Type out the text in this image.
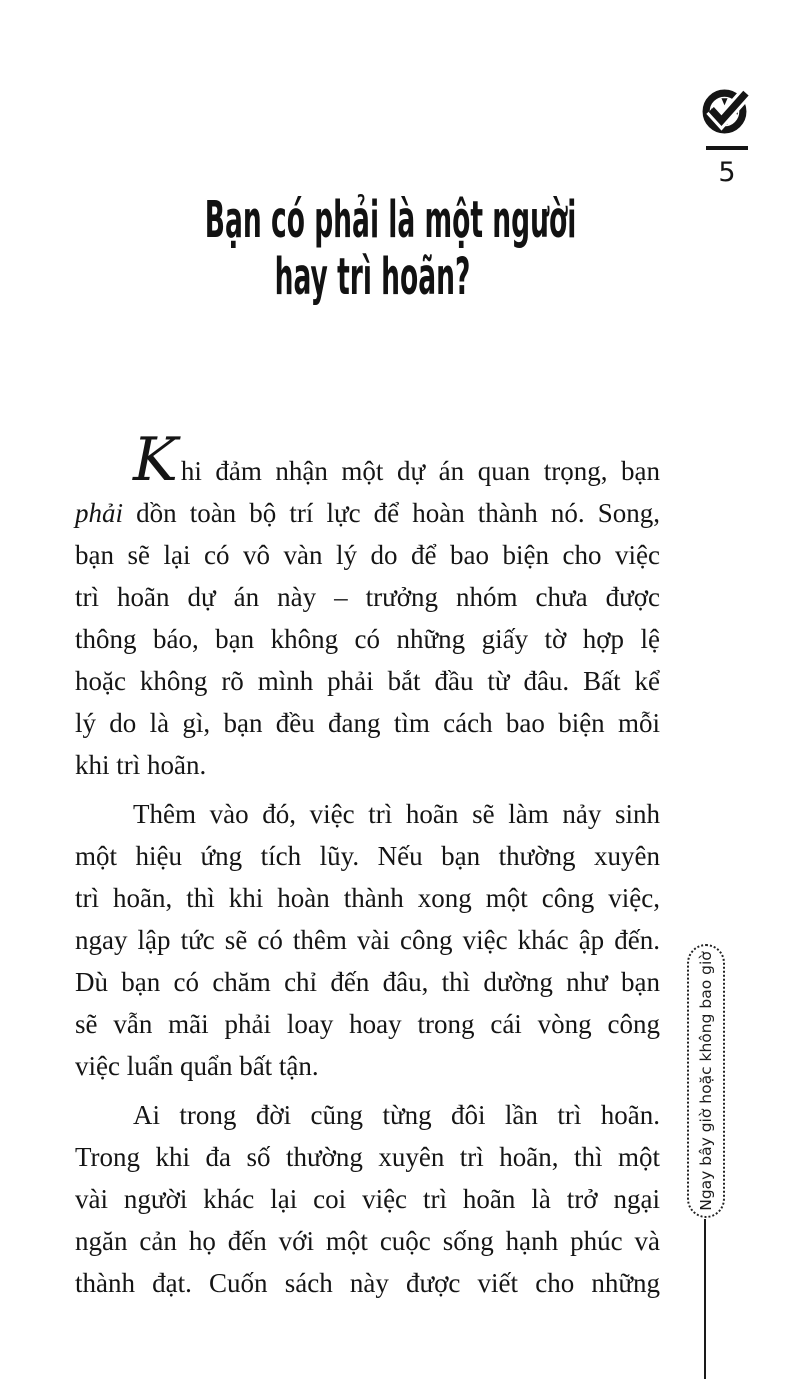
5
Bạn có phải là một người
hay trì hoãn?
Khi đảm nhận một dự án quan trọng, bạn
phải dồn toàn bộ trí lực để hoàn thành nó. Song,
bạn sẽ lại có vô vàn lý do để bao biện cho việc
trì hoãn dự án này – trưởng nhóm chưa được
thông báo, bạn không có những giấy tờ hợp lệ
hoặc không rõ mình phải bắt đầu từ đâu. Bất kể
lý do là gì, bạn đều đang tìm cách bao biện mỗi
khi trì hoãn.
Thêm vào đó, việc trì hoãn sẽ làm nảy sinh
một hiệu ứng tích lũy. Nếu bạn thường xuyên
trì hoãn, thì khi hoàn thành xong một công việc,
ngay lập tức sẽ có thêm vài công việc khác ập đến.
Dù bạn có chăm chỉ đến đâu, thì dường như bạn
sẽ vẫn mãi phải loay hoay trong cái vòng công
việc luẩn quẩn bất tận.
Ai trong đời cũng từng đôi lần trì hoãn.
Trong khi đa số thường xuyên trì hoãn, thì một
vài người khác lại coi việc trì hoãn là trở ngại
ngăn cản họ đến với một cuộc sống hạnh phúc và
thành đạt. Cuốn sách này được viết cho những
Ngay bây giờ hoặc không bao giờ
